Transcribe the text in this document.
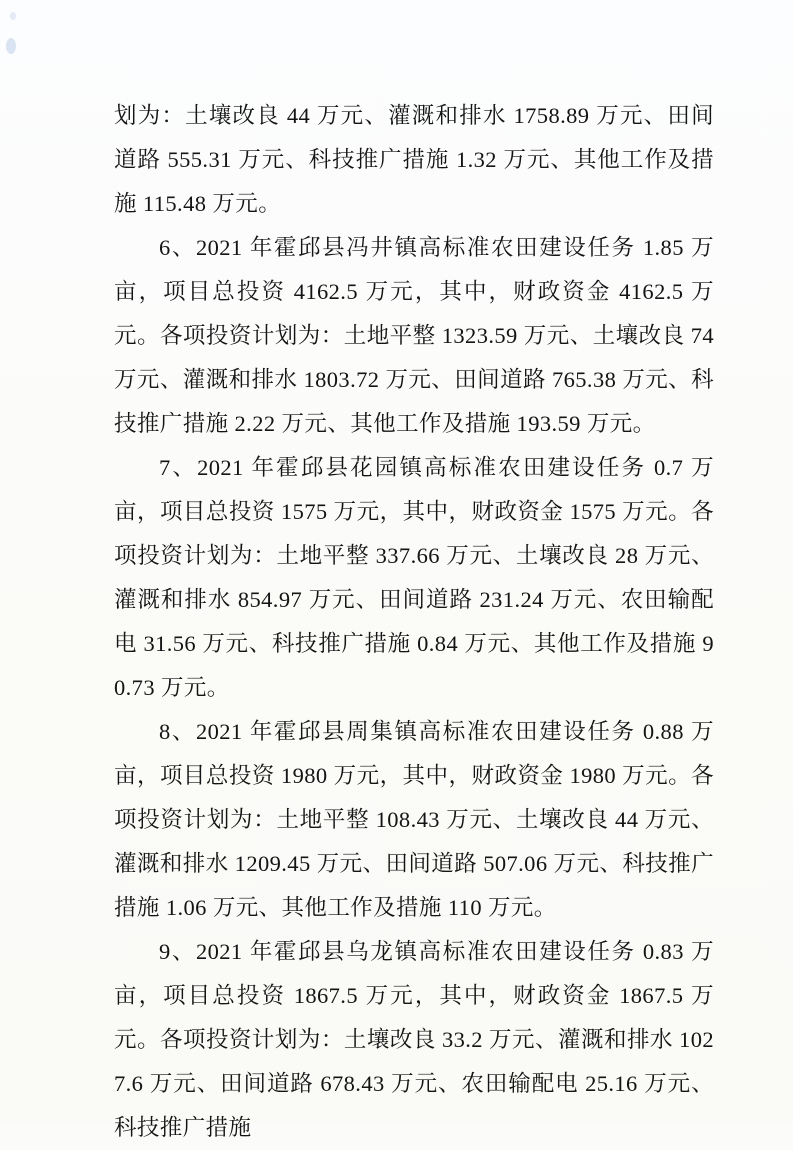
划为：土壤改良 44 万元、灌溉和排水 1758.89 万元、田间道路 555.31 万元、科技推广措施 1.32 万元、其他工作及措施 115.48 万元。

6、2021 年霍邱县冯井镇高标准农田建设任务 1.85 万亩，项目总投资 4162.5 万元，其中，财政资金 4162.5 万元。各项投资计划为：土地平整 1323.59 万元、土壤改良 74 万元、灌溉和排水 1803.72 万元、田间道路 765.38 万元、科技推广措施 2.22 万元、其他工作及措施 193.59 万元。

7、2021 年霍邱县花园镇高标准农田建设任务 0.7 万亩，项目总投资 1575 万元，其中，财政资金 1575 万元。各项投资计划为：土地平整 337.66 万元、土壤改良 28 万元、灌溉和排水 854.97 万元、田间道路 231.24 万元、农田输配电 31.56 万元、科技推广措施 0.84 万元、其他工作及措施 90.73 万元。

8、2021 年霍邱县周集镇高标准农田建设任务 0.88 万亩，项目总投资 1980 万元，其中，财政资金 1980 万元。各项投资计划为：土地平整 108.43 万元、土壤改良 44 万元、灌溉和排水 1209.45 万元、田间道路 507.06 万元、科技推广措施 1.06 万元、其他工作及措施 110 万元。

9、2021 年霍邱县乌龙镇高标准农田建设任务 0.83 万亩，项目总投资 1867.5 万元，其中，财政资金 1867.5 万元。各项投资计划为：土壤改良 33.2 万元、灌溉和排水 1027.6 万元、田间道路 678.43 万元、农田输配电 25.16 万元、科技推广措施
